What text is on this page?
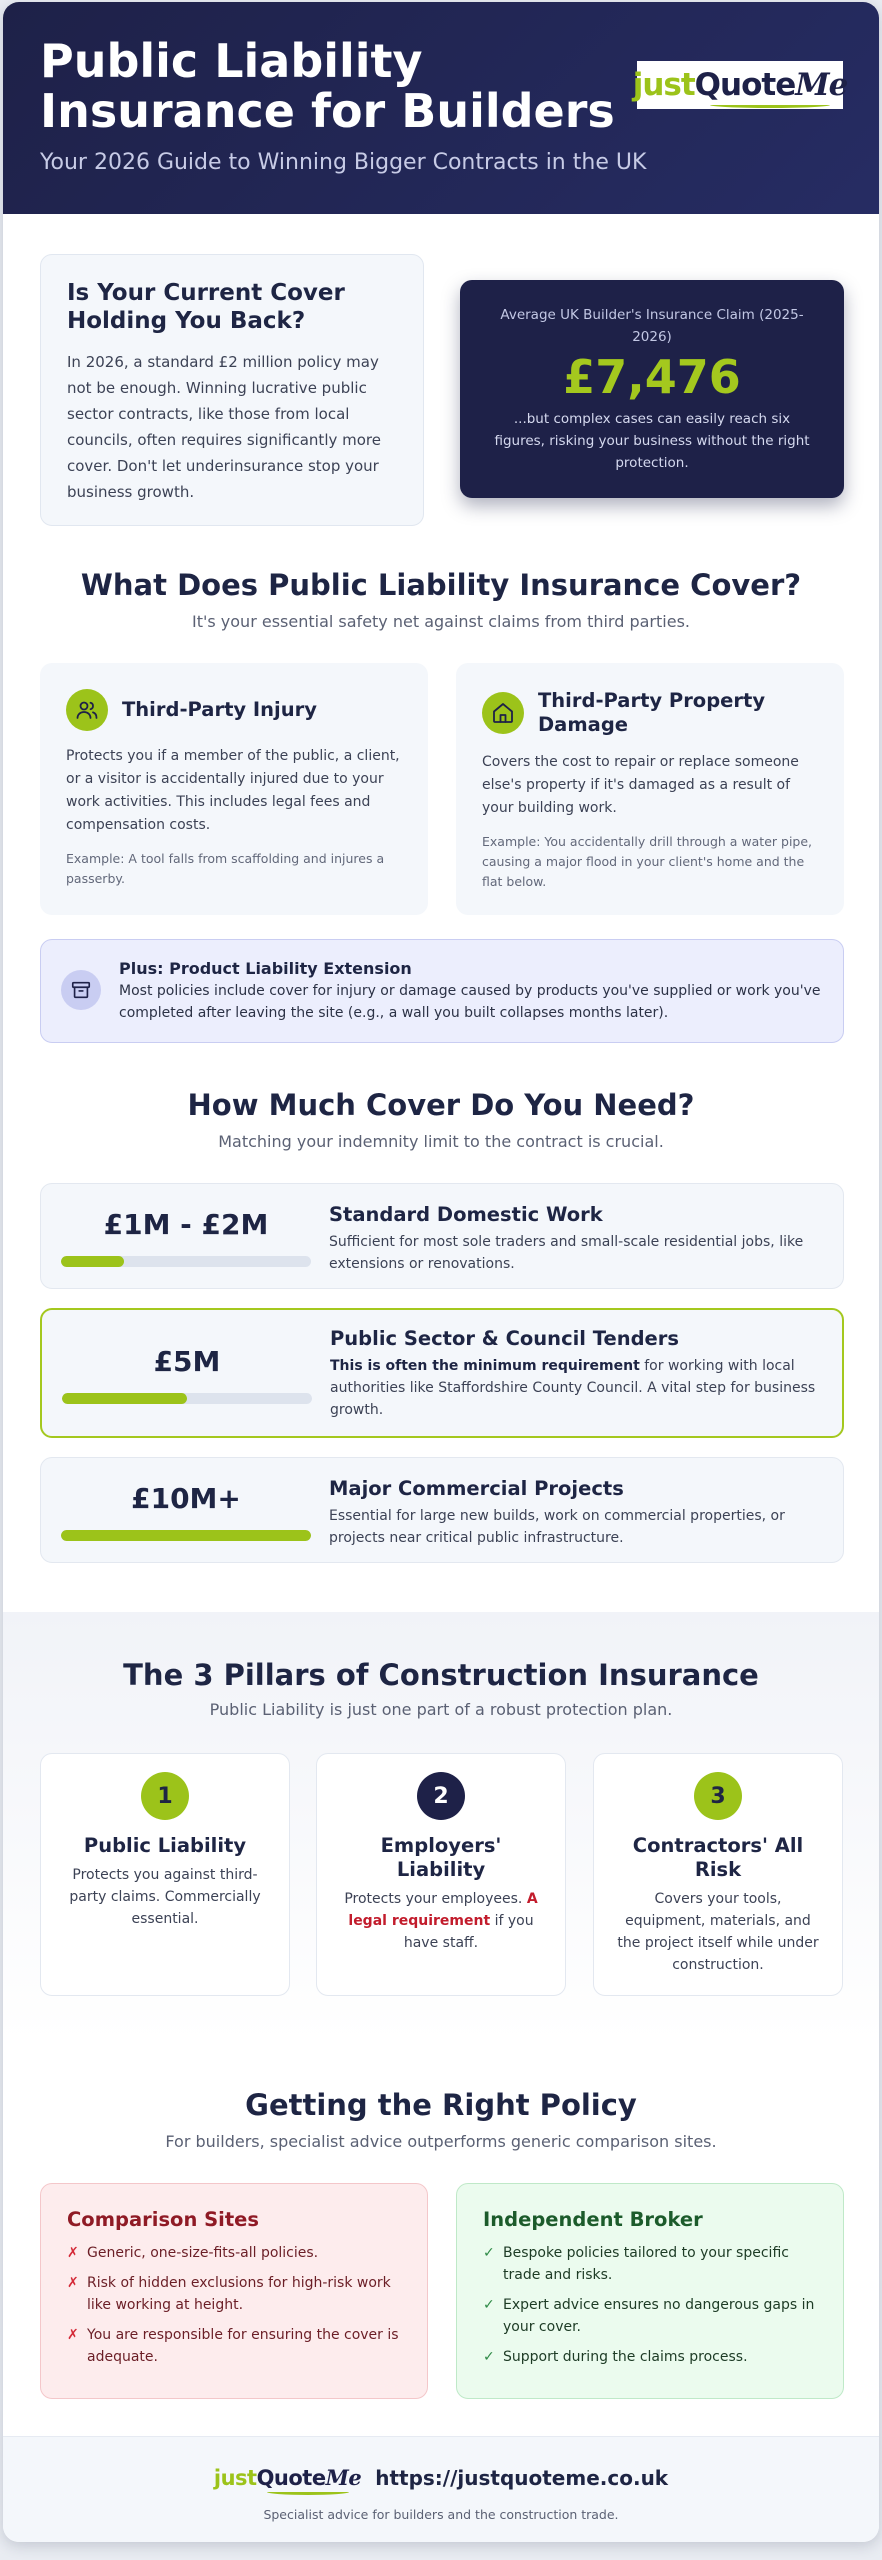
Public Liability Insurance for Builders
Your 2026 Guide to Winning Bigger Contracts in the UK
justQuoteMe
Is Your Current Cover Holding You Back?

In 2026, a standard £2 million policy may not be enough. Winning lucrative public sector contracts, like those from local councils, often requires significantly more cover. Don't let underinsurance stop your business growth.

Average UK Builder's Insurance Claim (2025-2026)
£7,476
...but complex cases can easily reach six figures, risking your business without the right protection.
What Does Public Liability Insurance Cover?
It's your essential safety net against claims from third parties.
Third-Party Injury

Protects you if a member of the public, a client, or a visitor is accidentally injured due to your work activities. This includes legal fees and compensation costs.

Example: A tool falls from scaffolding and injures a passerby.

Third-Party Property Damage

Covers the cost to repair or replace someone else's property if it's damaged as a result of your building work.

Example: You accidentally drill through a water pipe, causing a major flood in your client's home and the flat below.

Plus: Product Liability Extension

Most policies include cover for injury or damage caused by products you've supplied or work you've completed after leaving the site (e.g., a wall you built collapses months later).

How Much Cover Do You Need?
Matching your indemnity limit to the contract is crucial.
£1M - £2M	Standard Domestic Work

Sufficient for most sole traders and small-scale residential jobs, like extensions or renovations.

£5M
Public Sector & Council Tenders

This is often the minimum requirement for working with local authorities like Staffordshire County Council. A vital step for business growth.

£10M+	Major Commercial Projects

Essential for large new builds, work on commercial properties, or projects near critical public infrastructure.

The 3 Pillars of Construction Insurance
Public Liability is just one part of a robust protection plan.
1
Public Liability

Protects you against third-party claims. Commercially essential.

2
Employers' Liability

Protects your employees. A legal requirement if you have staff.

3
Contractors' All Risk

Covers your tools, equipment, materials, and the project itself while under construction.

Getting the Right Policy
For builders, specialist advice outperforms generic comparison sites.
Comparison Sites
✗ Generic, one-size-fits-all policies.
✗ Risk of hidden exclusions for high-risk work like working at height.
✗ You are responsible for ensuring the cover is adequate.
Independent Broker
✓ Bespoke policies tailored to your specific trade and risks.
✓ Expert advice ensures no dangerous gaps in your cover.
✓ Support during the claims process.
justQuoteMe https://justquoteme.co.uk
Specialist advice for builders and the construction trade.
